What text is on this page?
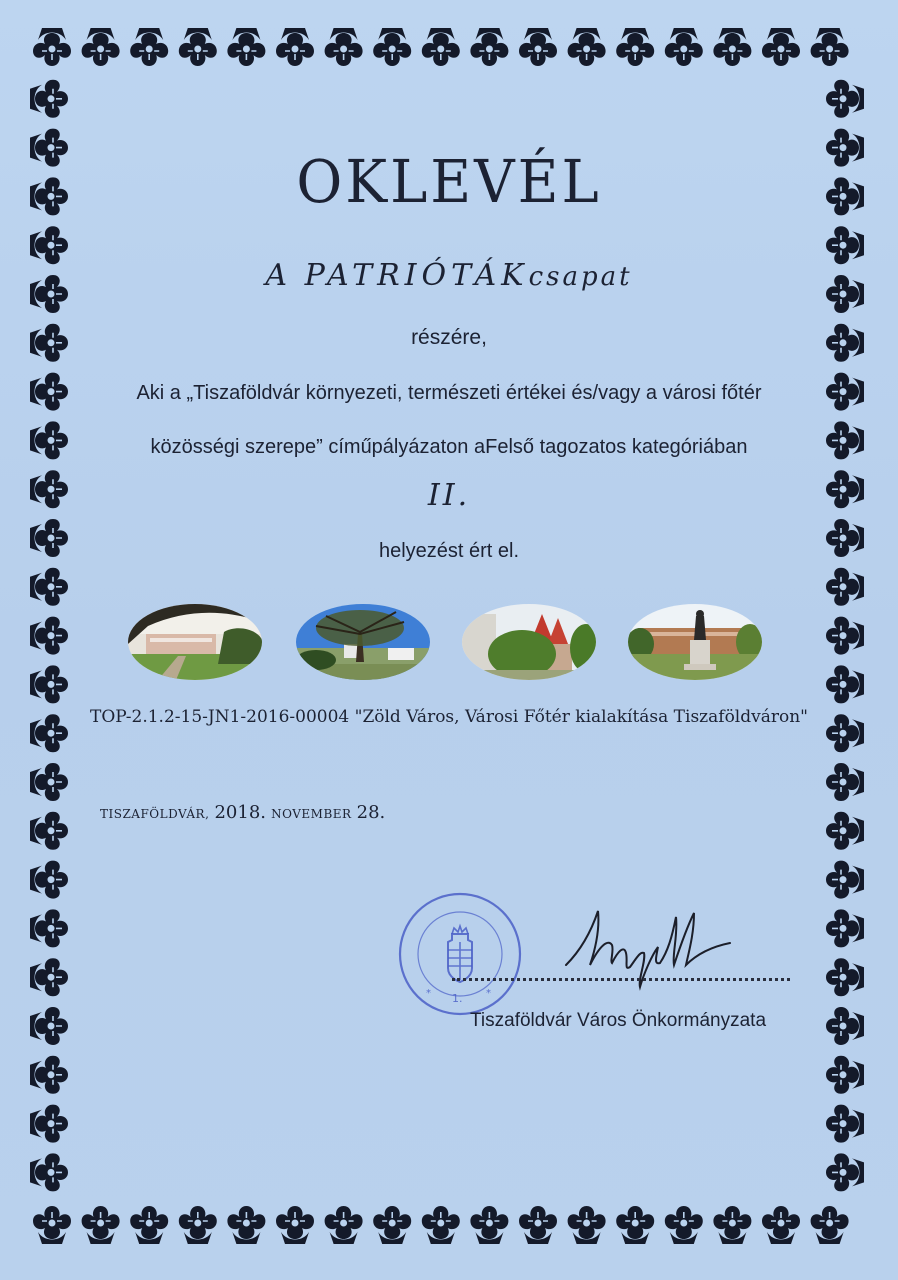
OKLEVÉL
A PATRIÓTÁKcsapat
részére,
Aki a „Tiszaföldvár környezeti, természeti értékei és/vagy a városi főtér
közösségi szerepe” címűpályázaton aFelső tagozatos kategóriában
II.
helyezést ért el.
TOP-2.1.2-15-JN1-2016-00004 "Zöld Város, Városi Főtér kialakítása Tiszaföldváron"
TISZAFÖLDVÁR, 2018. NOVEMBER 28.
* 1. *
Tiszaföldvár Város Önkormányzata
